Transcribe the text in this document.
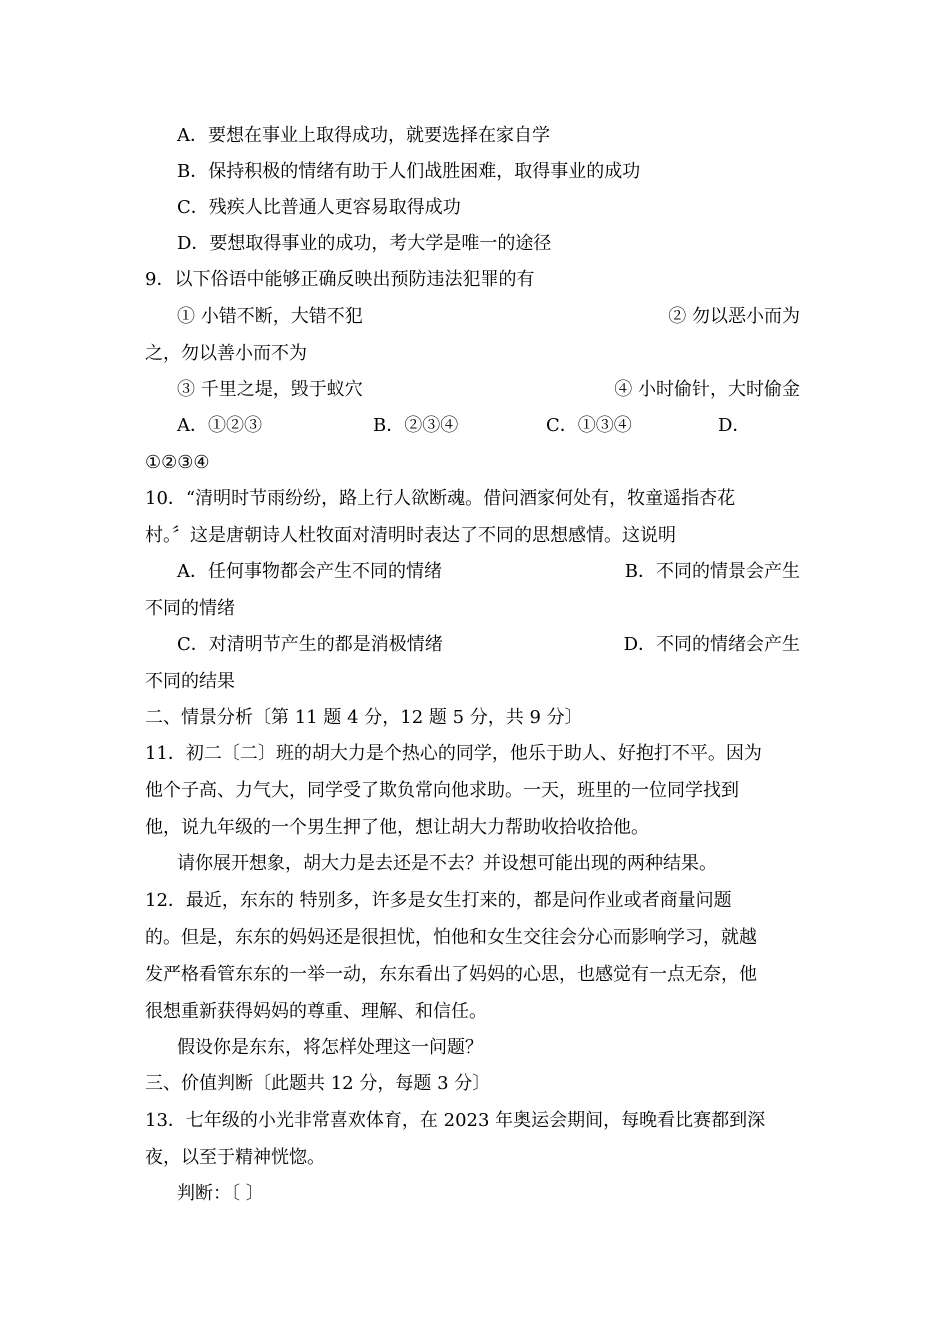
A．要想在事业上取得成功，就要选择在家自学
B．保持积极的情绪有助于人们战胜困难，取得事业的成功
C．残疾人比普通人更容易取得成功
D．要想取得事业的成功，考大学是唯一的途径
9．以下俗语中能够正确反映出预防违法犯罪的有
① 小错不断，大错不犯	② 勿以恶小而为
之，勿以善小而不为
③ 千里之堤，毁于蚁穴	④ 小时偷针，大时偷金
A．①②③	B．②③④	C．①③④	D．
①②③④
10．“清明时节雨纷纷，路上行人欲断魂。借问酒家何处有，牧童遥指杏花
村。〞这是唐朝诗人杜牧面对清明时表达了不同的思想感情。这说明
A．任何事物都会产生不同的情绪	B．不同的情景会产生
不同的情绪
C．对清明节产生的都是消极情绪	D．不同的情绪会产生
不同的结果
二、情景分析〔第 11 题 4 分，12 题 5 分，共 9 分〕
11．初二〔二〕班的胡大力是个热心的同学，他乐于助人、好抱打不平。因为
他个子高、力气大，同学受了欺负常向他求助。一天，班里的一位同学找到
他，说九年级的一个男生押了他，想让胡大力帮助收拾收拾他。
请你展开想象，胡大力是去还是不去？并设想可能出现的两种结果。
12．最近，东东的 特别多，许多是女生打来的，都是问作业或者商量问题
的。但是，东东的妈妈还是很担忧，怕他和女生交往会分心而影响学习，就越
发严格看管东东的一举一动，东东看出了妈妈的心思，也感觉有一点无奈，他
很想重新获得妈妈的尊重、理解、和信任。
假设你是东东，将怎样处理这一问题？
三、价值判断〔此题共 12 分，每题 3 分〕
13．七年级的小光非常喜欢体育，在 2023 年奥运会期间，每晚看比赛都到深
夜，以至于精神恍惚。
判断：〔 〕
